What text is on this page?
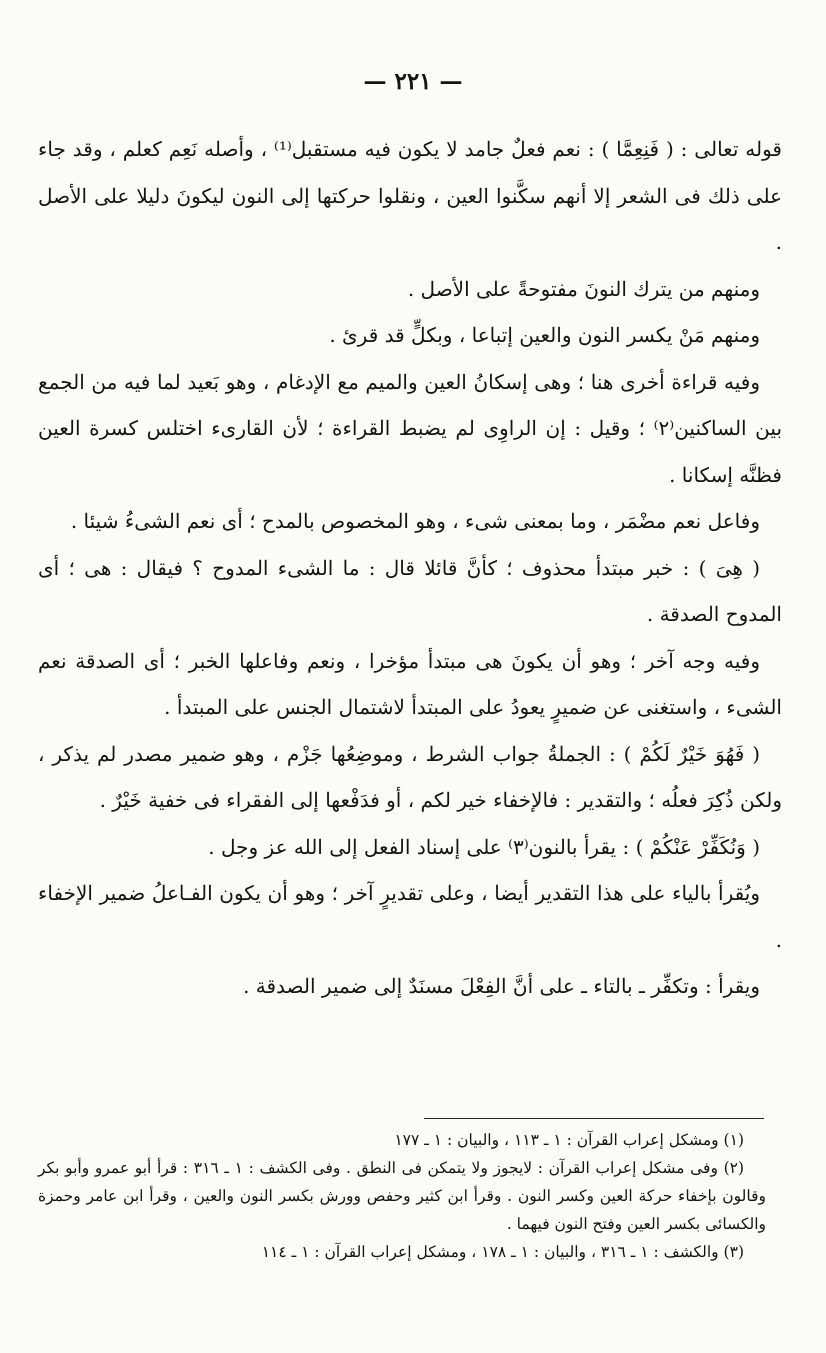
— ٢٢١ —

قوله تعالى : ( فَنِعِمَّا ) : نعم فعلٌ جامد لا يكون فيه مستقبل⁽¹⁾ ، وأصله نَعِم كعلم ، وقد جاء على ذلك فى الشعر إلا أنهم سكَّنوا العين ، ونقلوا حركتها إلى النون ليكونَ دليلا على الأصل .

ومنهم من يترك النونَ مفتوحةً على الأصل .

ومنهم مَنْ يكسر النون والعين إتباعا ، وبكلٍّ قد قرئ .

وفيه قراءة أخرى هنا ؛ وهى إسكانُ العين والميم مع الإدغام ، وهو بَعيد لما فيه من الجمع بين الساكنين⁽٢⁾ ؛ وقيل : إن الراوِى لم يضبط القراءة ؛ لأن القارىء اختلس كسرة العين فظنَّه إسكانا .

وفاعل نعم مضْمَر ، وما بمعنى شىء ، وهو المخصوص بالمدح ؛ أى نعم الشىءُ شيئا .

( هِىَ ) : خبر مبتدأ محذوف ؛ كأنَّ قائلا قال : ما الشىء المدوح ؟ فيقال : هى ؛ أى المدوح الصدقة .

وفيه وجه آخر ؛ وهو أن يكونَ هى مبتدأ مؤخرا ، ونعم وفاعلها الخبر ؛ أى الصدقة نعم الشىء ، واستغنى عن ضميرٍ يعودُ على المبتدأ لاشتمال الجنس على المبتدأ .

( فَهُوَ خَيْرٌ لَكُمْ ) : الجملةُ جواب الشرط ، وموضِعُها جَزْم ، وهو ضمير مصدر لم يذكر ، ولكن ذُكِرَ فعلُه ؛ والتقدير : فالإخفاء خير لكم ، أو فدَفْعها إلى الفقراء فى خفية خَيْرٌ .

( وَنُكَفِّرْ عَنْكُمْ ) : يقرأ بالنون⁽٣⁾ على إسناد الفعل إلى الله عز وجل .

ويُقرأ بالياء على هذا التقدير أيضا ، وعلى تقديرٍ آخر ؛ وهو أن يكون الفـاعلُ ضمير الإخفاء .

ويقرأ : وتكفِّر ـ بالتاء ـ على أنَّ الفِعْلَ مسنَدٌ إلى ضمير الصدقة .

(١) ومشكل إعراب القرآن : ١ ـ ١١٣ ، والبيان : ١ ـ ١٧٧

(٢) وفى مشكل إعراب القرآن : لايجوز ولا يتمكن فى النطق . وفى الكشف : ١ ـ ٣١٦ : قرأ أبو عمرو وأبو بكر وقالون بإخفاء حركة العين وكسر النون . وقرأ ابن كثير وحفص وورش بكسر النون والعين ، وقرأ ابن عامر وحمزة والكسائى بكسر العين وفتح النون فيهما .

(٣) والكشف : ١ ـ ٣١٦ ، والبيان : ١ ـ ١٧٨ ، ومشكل إعراب القرآن : ١ ـ ١١٤
